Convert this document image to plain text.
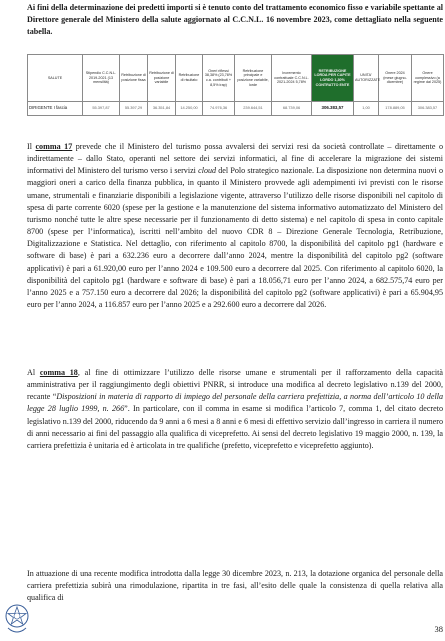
Ai fini della determinazione dei predetti importi si è tenuto conto del trattamento economico fisso e variabile spettante al Direttore generale del Ministero della salute aggiornato al C.C.N.L. 16 novembre 2023, come dettagliato nella seguente tabella.

SALUTE	Stipendio C.C.N.L. 2019-2021 (13 mensilità)	Retribuzione di posizione fissa	Retribuzione di posizione variabile	Retribuzione di risultato	Oneri riflessi 38,38% (23,78% c.a. contributi + 8,5% irap)	Retribuzione principale e posizione variabile, lorde	Incremento contrattuale C.C.N.L. 2021-2024 5,78%	RETRIBUZIONE LORDA PER CAPITE LORDO 1,30% CONTRATTO ENTE	UNITA' AUTORIZZATE	Onere 2024 (mese giugno-dicembre)	Onere complessivo (a regime dal 2025)
DIRIGENTE I fascia	55.397,87	55.397,29	36.351,84	14.250,00	74.976,36	239.644,51	68.739,06	306.383,57	1,00	178.889,05	306.383,57

Il comma 17 prevede che il Ministero del turismo possa avvalersi dei servizi resi da società controllate – direttamente o indirettamente – dallo Stato, operanti nel settore dei servizi informatici, al fine di accelerare la migrazione dei sistemi informativi del Ministero del turismo verso i servizi cloud del Polo strategico nazionale. La disposizione non determina nuovi o maggiori oneri a carico della finanza pubblica, in quanto il Ministero provvede agli adempimenti ivi previsti con le risorse umane, strumentali e finanziarie disponibili a legislazione vigente, attraverso l’utilizzo delle risorse disponibili nel capitolo di spesa di parte corrente 6020 (spese per la gestione e la manutenzione del sistema informativo automatizzato del Ministero del turismo nonché tutte le altre spese necessarie per il funzionamento di detto sistema) e nel capitolo di spesa in conto capitale 8700 (spese per l’informatica), iscritti nell’ambito del nuovo CDR 8 – Direzione Generale Tecnologia, Retribuzione, Digitalizzazione e Statistica. Nel dettaglio, con riferimento al capitolo 8700, la disponibilità del capitolo pg1 (hardware e software di base) è pari a 632.236 euro a decorrere dall’anno 2024, mentre la disponibilità del capitolo pg2 (software applicativi) è pari a 61.920,00 euro per l’anno 2024 e 109.500 euro a decorrere dal 2025. Con riferimento al capitolo 6020, la disponibilità del capitolo pg1 (hardware e software di base) è pari a 18.056,71 euro per l’anno 2024, a 682.575,74 euro per l’anno 2025 e a 757.150 euro a decorrere dal 2026; la disponibilità del capitolo pg2 (software applicativi) è pari a 65.904,95 euro per l’anno 2024, a 116.857 euro per l’anno 2025 e a 292.600 euro a decorrere dal 2026.

Al comma 18, al fine di ottimizzare l’utilizzo delle risorse umane e strumentali per il rafforzamento della capacità amministrativa per il raggiungimento degli obiettivi PNRR, si introduce una modifica al decreto legislativo n.139 del 2000, recante “Disposizioni in materia di rapporto di impiego del personale della carriera prefettizia, a norma dell’articolo 10 della legge 28 luglio 1999, n. 266”. In particolare, con il comma in esame si modifica l’articolo 7, comma 1, del citato decreto legislativo n.139 del 2000, riducendo da 9 anni a 6 mesi a 8 anni e 6 mesi di effettivo servizio dall’ingresso in carriera il numero di anni necessario ai fini del passaggio alla qualifica di viceprefetto. Ai sensi del decreto legislativo 19 maggio 2000, n. 139, la carriera prefettizia è unitaria ed è articolata in tre qualifiche (prefetto, viceprefetto e viceprefetto aggiunto).

In attuazione di una recente modifica introdotta dalla legge 30 dicembre 2023, n. 213, la dotazione organica del personale della carriera prefettizia subirà una rimodulazione, ripartita in tre fasi, all’esito delle quale la consistenza di quella relativa alla qualifica di

38
